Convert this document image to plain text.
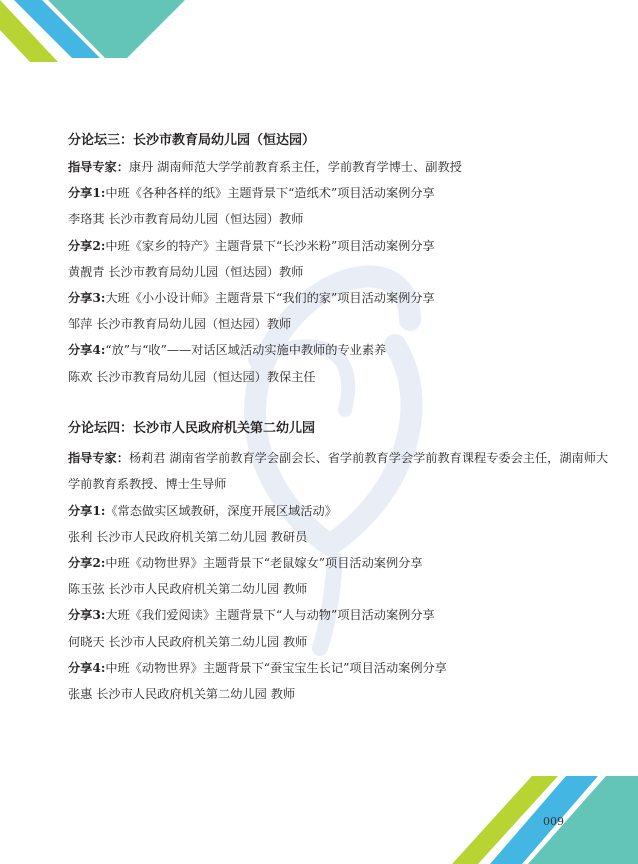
分论坛三：长沙市教育局幼儿园（恒达园）
指导专家：康丹 湖南师范大学学前教育系主任，学前教育学博士、副教授
分享1:中班《各种各样的纸》主题背景下“造纸术”项目活动案例分享
李珞萁 长沙市教育局幼儿园（恒达园）教师
分享2:中班《家乡的特产》主题背景下“长沙米粉”项目活动案例分享
黄靓青 长沙市教育局幼儿园（恒达园）教师
分享3:大班《小小设计师》主题背景下“我们的家”项目活动案例分享
邹萍 长沙市教育局幼儿园（恒达园）教师
分享4:“放”与“收”——对话区域活动实施中教师的专业素养
陈欢 长沙市教育局幼儿园（恒达园）教保主任
分论坛四：长沙市人民政府机关第二幼儿园
指导专家：杨莉君 湖南省学前教育学会副会长、省学前教育学会学前教育课程专委会主任，湖南师大学前教育系教授、博士生导师
分享1:《常态做实区域教研，深度开展区域活动》
张利 长沙市人民政府机关第二幼儿园 教研员
分享2:中班《动物世界》主题背景下“老鼠嫁女”项目活动案例分享
陈玉弦 长沙市人民政府机关第二幼儿园 教师
分享3:大班《我们爱阅读》主题背景下“人与动物”项目活动案例分享
何晓天 长沙市人民政府机关第二幼儿园 教师
分享4:中班《动物世界》主题背景下“蚕宝宝生长记”项目活动案例分享
张惠 长沙市人民政府机关第二幼儿园 教师
009
